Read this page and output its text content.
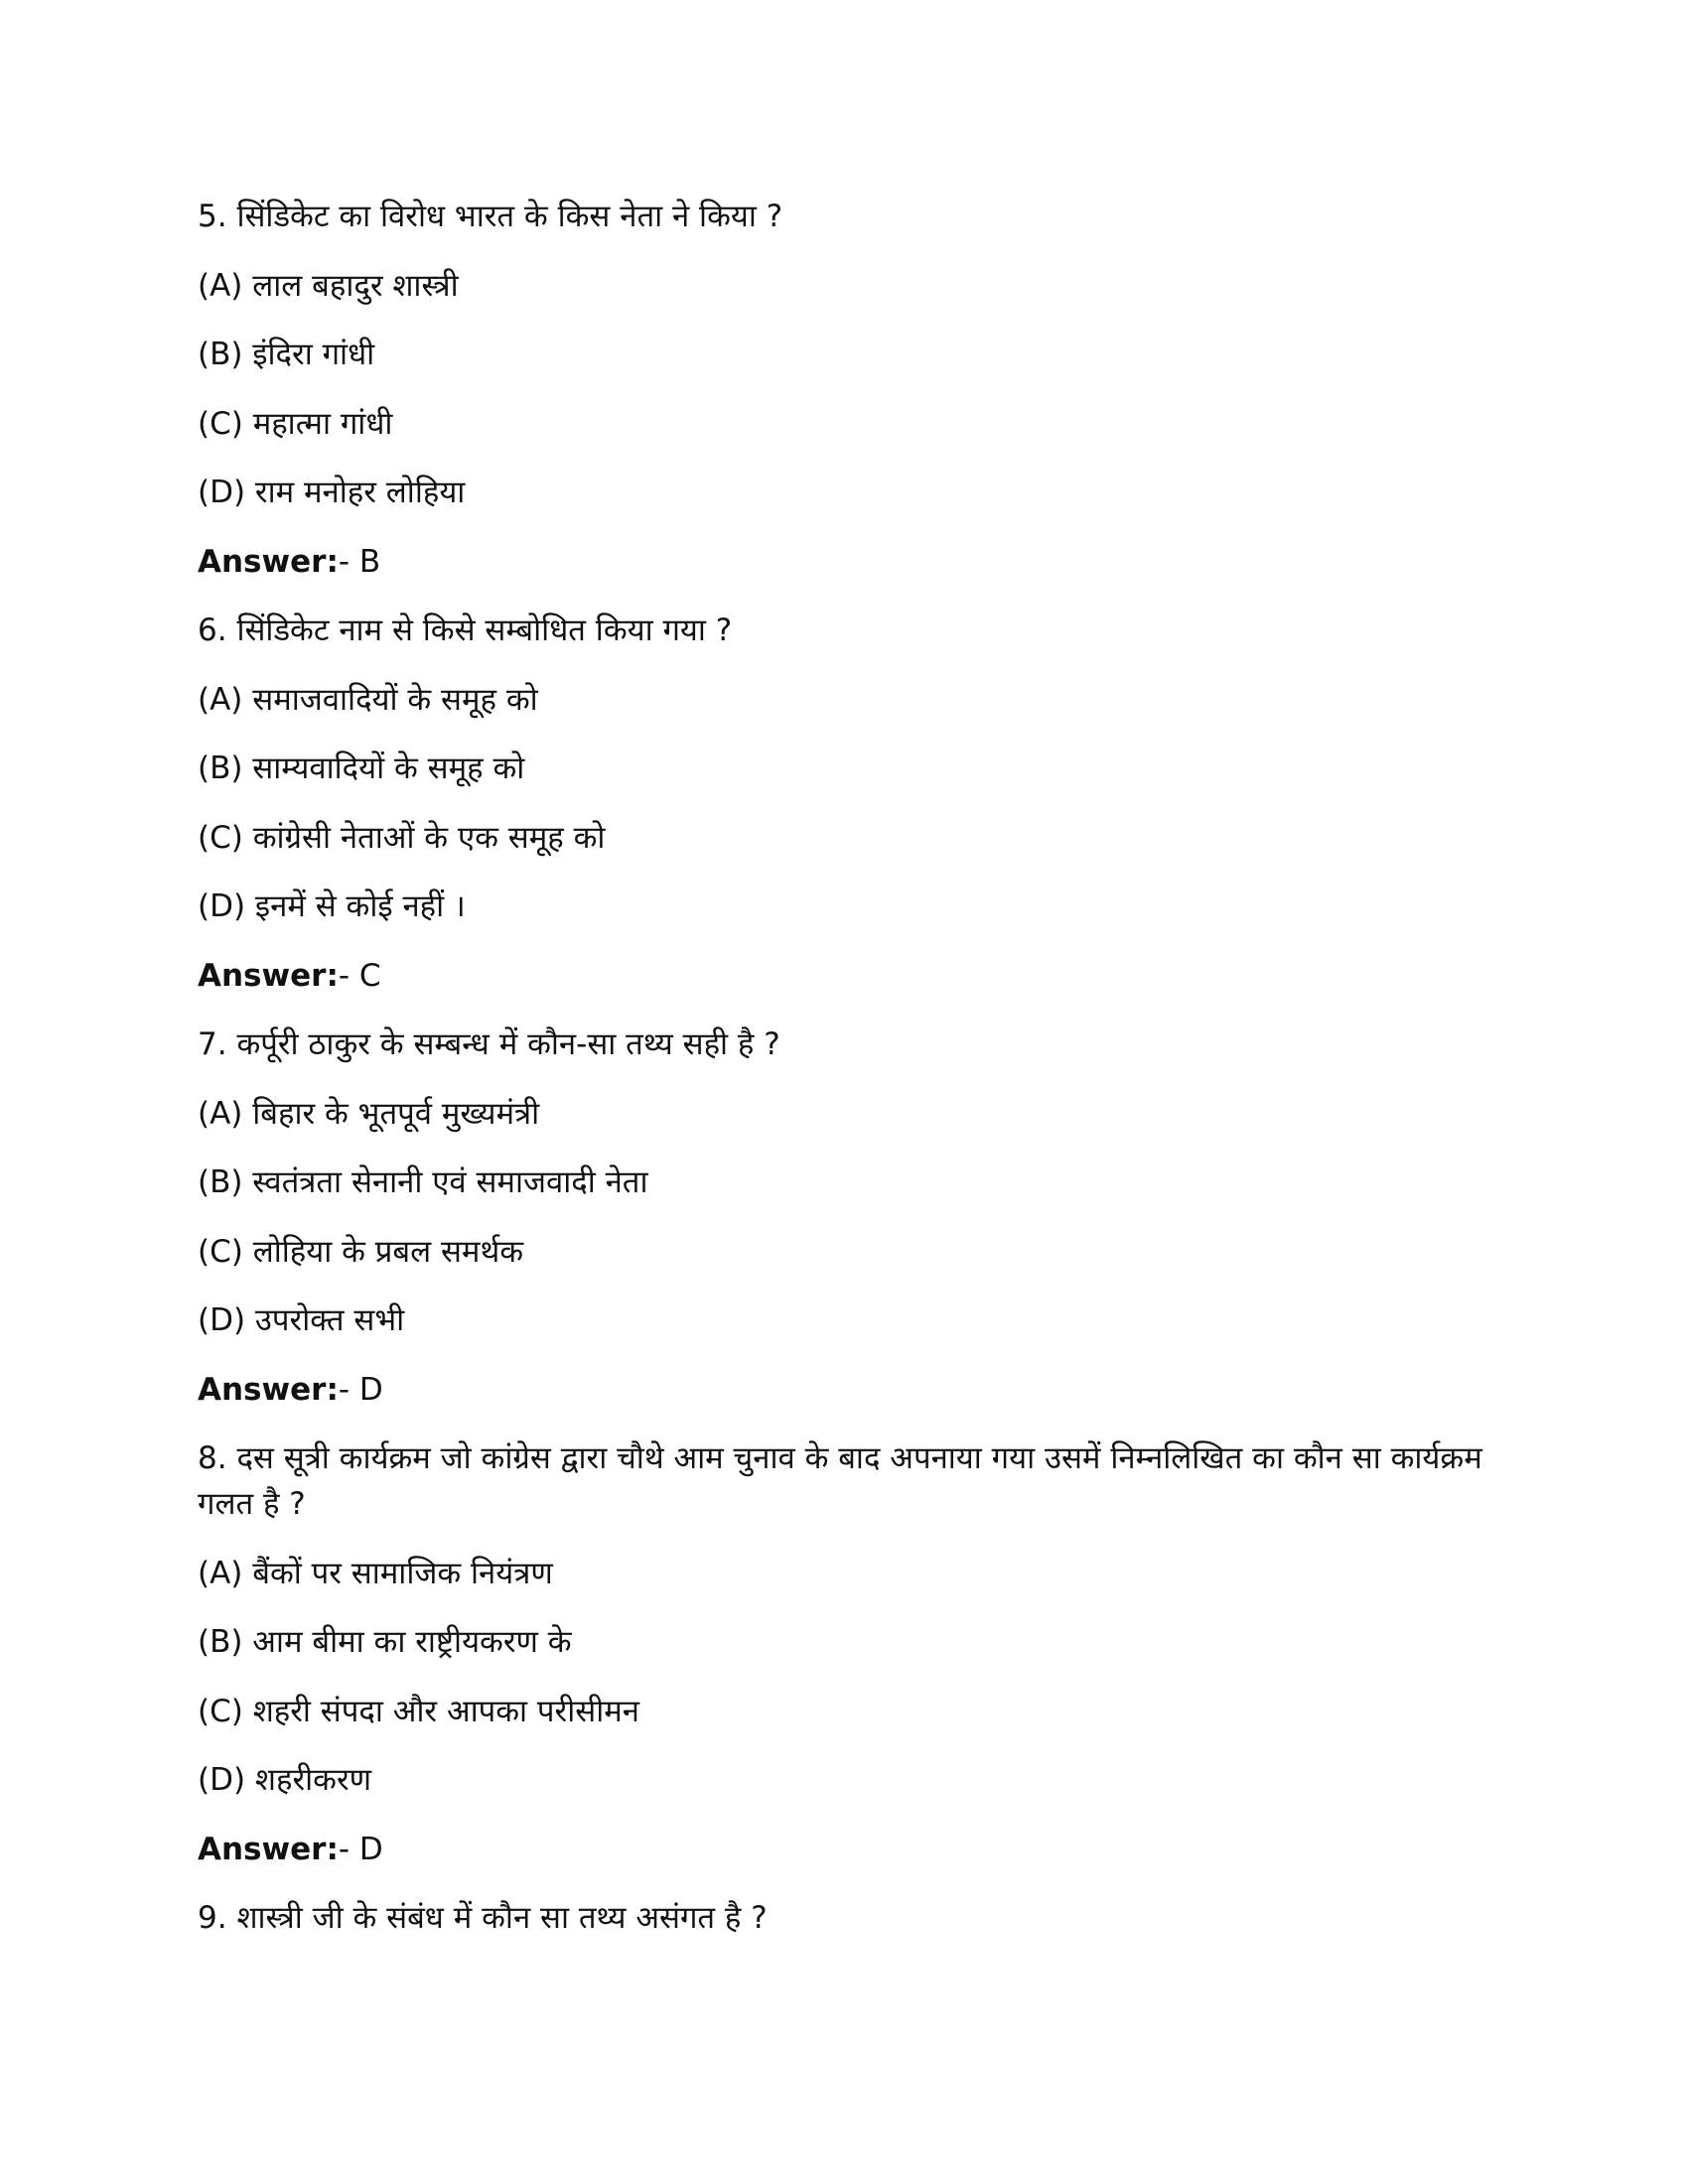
5. सिंडिकेट का विरोध भारत के किस नेता ने किया ?

(A) लाल बहादुर शास्त्री

(B) इंदिरा गांधी

(C) महात्मा गांधी

(D) राम मनोहर लोहिया

Answer:- B

6. सिंडिकेट नाम से किसे सम्बोधित किया गया ?

(A) समाजवादियों के समूह को

(B) साम्यवादियों के समूह को

(C) कांग्रेसी नेताओं के एक समूह को

(D) इनमें से कोई नहीं ।

Answer:- C

7. कर्पूरी ठाकुर के सम्बन्ध में कौन-सा तथ्य सही है ?

(A) बिहार के भूतपूर्व मुख्यमंत्री

(B) स्वतंत्रता सेनानी एवं समाजवादी नेता

(C) लोहिया के प्रबल समर्थक

(D) उपरोक्त सभी

Answer:- D

8. दस सूत्री कार्यक्रम जो कांग्रेस द्वारा चौथे आम चुनाव के बाद अपनाया गया उसमें निम्नलिखित का कौन सा कार्यक्रम गलत है ?

(A) बैंकों पर सामाजिक नियंत्रण

(B) आम बीमा का राष्ट्रीयकरण के

(C) शहरी संपदा और आपका परीसीमन

(D) शहरीकरण

Answer:- D

9. शास्त्री जी के संबंध में कौन सा तथ्य असंगत है ?
